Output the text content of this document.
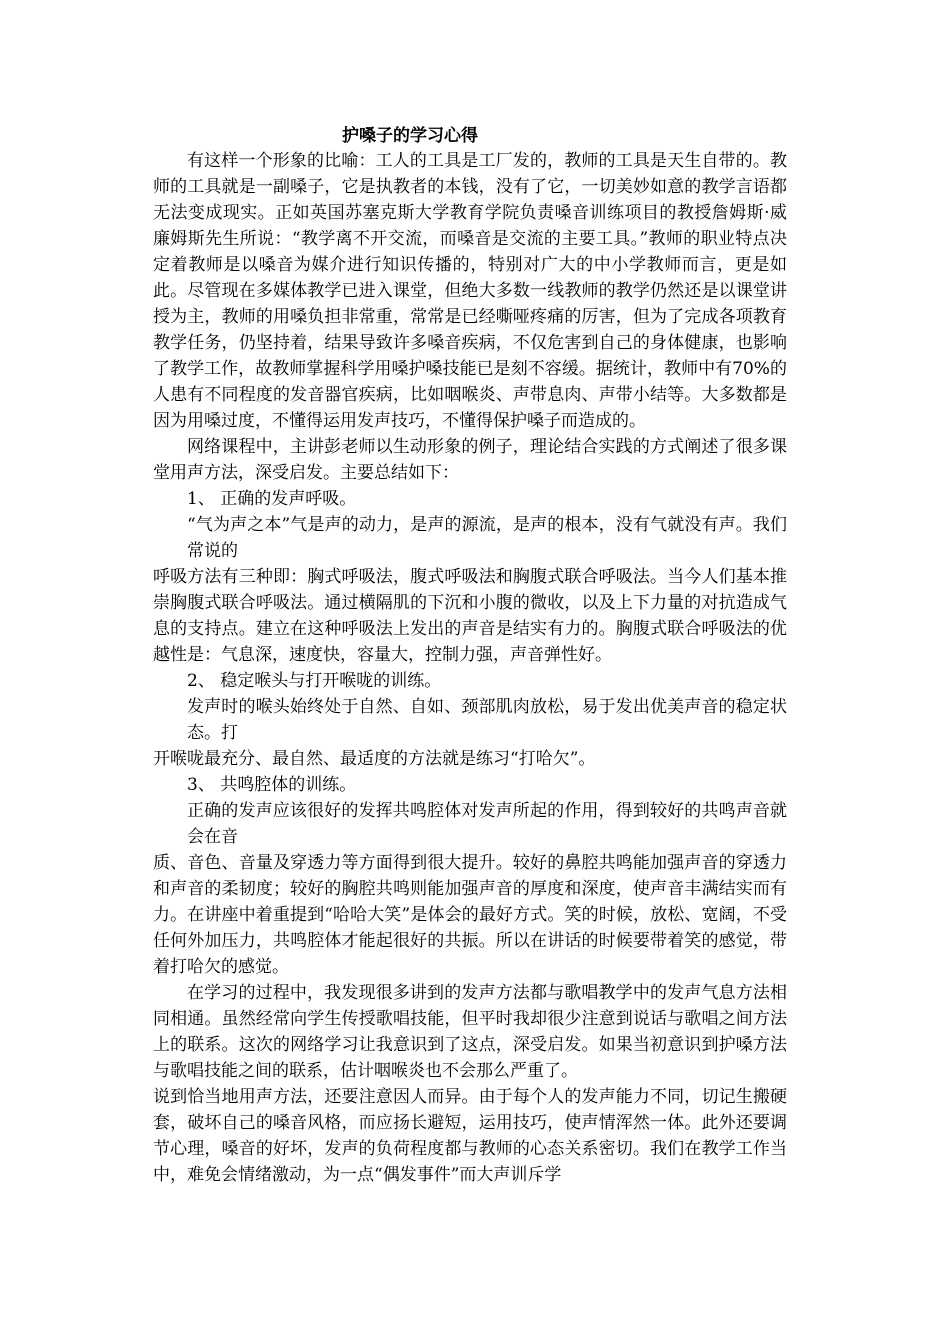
护嗓子的学习心得

有这样一个形象的比喻：工人的工具是工厂发的，教师的工具是天生自带的。教师的工具就是一副嗓子，它是执教者的本钱，没有了它，一切美妙如意的教学言语都无法变成现实。正如英国苏塞克斯大学教育学院负责嗓音训练项目的教授詹姆斯·威廉姆斯先生所说：“教学离不开交流，而嗓音是交流的主要工具。”教师的职业特点决定着教师是以嗓音为媒介进行知识传播的，特别对广大的中小学教师而言，更是如此。尽管现在多媒体教学已进入课堂，但绝大多数一线教师的教学仍然还是以课堂讲授为主，教师的用嗓负担非常重，常常是已经嘶哑疼痛的厉害，但为了完成各项教育教学任务，仍坚持着，结果导致许多嗓音疾病，不仅危害到自己的身体健康，也影响了教学工作，故教师掌握科学用嗓护嗓技能已是刻不容缓。据统计，教师中有70%的人患有不同程度的发音器官疾病，比如咽喉炎、声带息肉、声带小结等。大多数都是因为用嗓过度，不懂得运用发声技巧，不懂得保护嗓子而造成的。

网络课程中，主讲彭老师以生动形象的例子，理论结合实践的方式阐述了很多课堂用声方法，深受启发。主要总结如下：

1、 正确的发声呼吸。

“气为声之本”气是声的动力，是声的源流，是声的根本，没有气就没有声。我们常说的

呼吸方法有三种即：胸式呼吸法，腹式呼吸法和胸腹式联合呼吸法。当今人们基本推崇胸腹式联合呼吸法。通过横隔肌的下沉和小腹的微收，以及上下力量的对抗造成气息的支持点。建立在这种呼吸法上发出的声音是结实有力的。胸腹式联合呼吸法的优越性是：气息深，速度快，容量大，控制力强，声音弹性好。

2、 稳定喉头与打开喉咙的训练。

发声时的喉头始终处于自然、自如、颈部肌肉放松，易于发出优美声音的稳定状态。打

开喉咙最充分、最自然、最适度的方法就是练习“打哈欠”。

3、 共鸣腔体的训练。

正确的发声应该很好的发挥共鸣腔体对发声所起的作用，得到较好的共鸣声音就会在音

质、音色、音量及穿透力等方面得到很大提升。较好的鼻腔共鸣能加强声音的穿透力和声音的柔韧度；较好的胸腔共鸣则能加强声音的厚度和深度，使声音丰满结实而有力。在讲座中着重提到“哈哈大笑”是体会的最好方式。笑的时候，放松、宽阔，不受任何外加压力，共鸣腔体才能起很好的共振。所以在讲话的时候要带着笑的感觉，带着打哈欠的感觉。

在学习的过程中，我发现很多讲到的发声方法都与歌唱教学中的发声气息方法相同相通。虽然经常向学生传授歌唱技能，但平时我却很少注意到说话与歌唱之间方法上的联系。这次的网络学习让我意识到了这点，深受启发。如果当初意识到护嗓方法与歌唱技能之间的联系，估计咽喉炎也不会那么严重了。

说到恰当地用声方法，还要注意因人而异。由于每个人的发声能力不同，切记生搬硬套，破坏自己的嗓音风格，而应扬长避短，运用技巧，使声情浑然一体。此外还要调节心理，嗓音的好坏，发声的负荷程度都与教师的心态关系密切。我们在教学工作当中，难免会情绪激动，为一点“偶发事件”而大声训斥学
